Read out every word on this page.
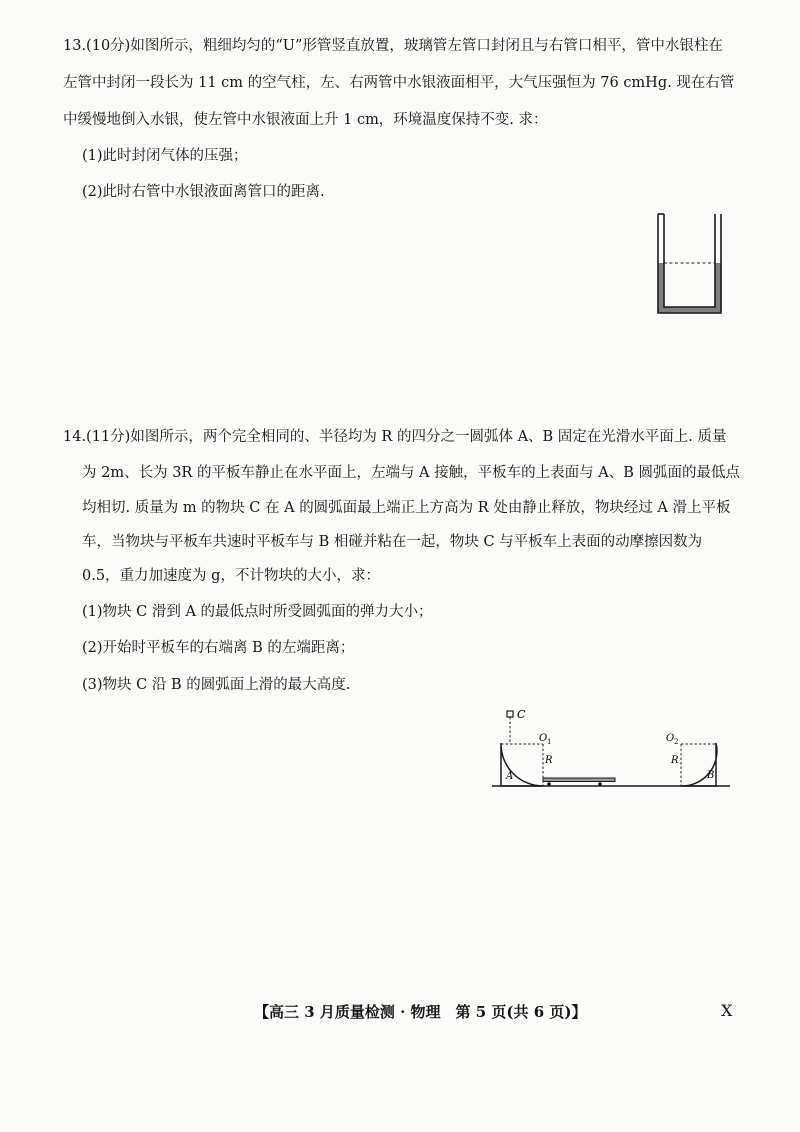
13.(10分)如图所示，粗细均匀的“U”形管竖直放置，玻璃管左管口封闭且与右管口相平，管中水银柱在
左管中封闭一段长为 11 cm 的空气柱，左、右两管中水银液面相平，大气压强恒为 76 cmHg. 现在右管
中缓慢地倒入水银，使左管中水银液面上升 1 cm，环境温度保持不变. 求：
(1)此时封闭气体的压强；
(2)此时右管中水银液面离管口的距离.
14.(11分)如图所示，两个完全相同的、半径均为 R 的四分之一圆弧体 A、B 固定在光滑水平面上. 质量
为 2m、长为 3R 的平板车静止在水平面上，左端与 A 接触，平板车的上表面与 A、B 圆弧面的最低点
均相切. 质量为 m 的物块 C 在 A 的圆弧面最上端正上方高为 R 处由静止释放，物块经过 A 滑上平板
车，当物块与平板车共速时平板车与 B 相碰并粘在一起，物块 C 与平板车上表面的动摩擦因数为
0.5，重力加速度为 g，不计物块的大小，求：
(1)物块 C 滑到 A 的最低点时所受圆弧面的弹力大小；
(2)开始时平板车的右端离 B 的左端距离；
(3)物块 C 沿 B 的圆弧面上滑的最大高度.
C
O 1
R
A
O 2
R
B
【高三 3 月质量检测 · 物理　第 5 页(共 6 页)】	X
